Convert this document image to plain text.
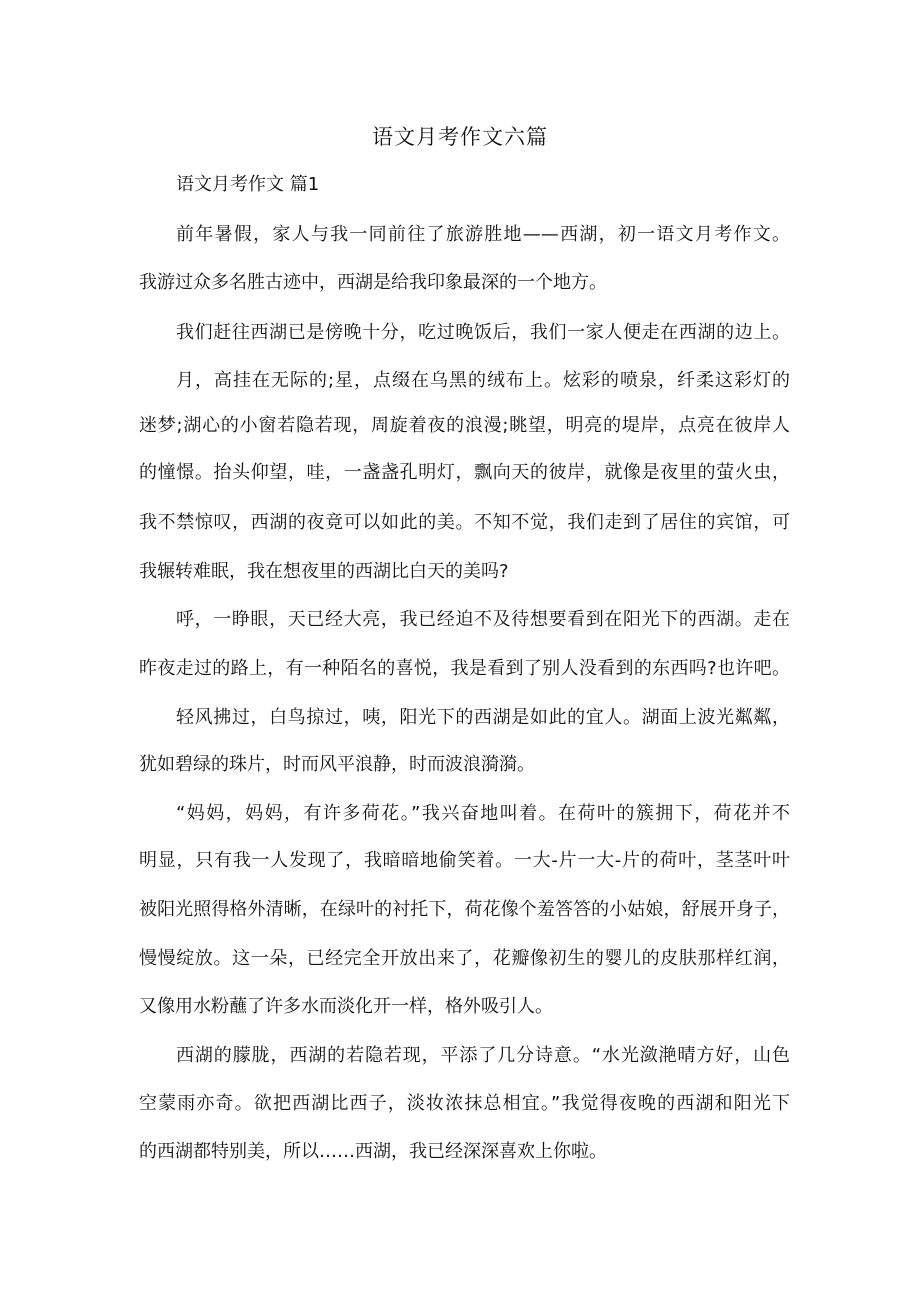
语文月考作文六篇
语文月考作文 篇1
前年暑假，家人与我一同前往了旅游胜地——西湖，初一语文月考作文。
我游过众多名胜古迹中，西湖是给我印象最深的一个地方。
我们赶往西湖已是傍晚十分，吃过晚饭后，我们一家人便走在西湖的边上。
月，高挂在无际的;星，点缀在乌黑的绒布上。炫彩的喷泉，纤柔这彩灯的
迷梦;湖心的小窗若隐若现，周旋着夜的浪漫;眺望，明亮的堤岸，点亮在彼岸人
的憧憬。抬头仰望，哇，一盏盏孔明灯，飘向天的彼岸，就像是夜里的萤火虫，
我不禁惊叹，西湖的夜竟可以如此的美。不知不觉，我们走到了居住的宾馆，可
我辗转难眠，我在想夜里的西湖比白天的美吗?
呼，一睁眼，天已经大亮，我已经迫不及待想要看到在阳光下的西湖。走在
昨夜走过的路上，有一种陌名的喜悦，我是看到了别人没看到的东西吗?也许吧。
轻风拂过，白鸟掠过，咦，阳光下的西湖是如此的宜人。湖面上波光粼粼，
犹如碧绿的珠片，时而风平浪静，时而波浪漪漪。
“妈妈，妈妈，有许多荷花。”我兴奋地叫着。在荷叶的簇拥下，荷花并不
明显，只有我一人发现了，我暗暗地偷笑着。一大-片一大-片的荷叶，茎茎叶叶
被阳光照得格外清晰，在绿叶的衬托下，荷花像个羞答答的小姑娘，舒展开身子，
慢慢绽放。这一朵，已经完全开放出来了，花瓣像初生的婴儿的皮肤那样红润，
又像用水粉蘸了许多水而淡化开一样，格外吸引人。
西湖的朦胧，西湖的若隐若现，平添了几分诗意。“水光潋滟晴方好，山色
空蒙雨亦奇。欲把西湖比西子，淡妆浓抹总相宜。”我觉得夜晚的西湖和阳光下
的西湖都特别美，所以……西湖，我已经深深喜欢上你啦。
